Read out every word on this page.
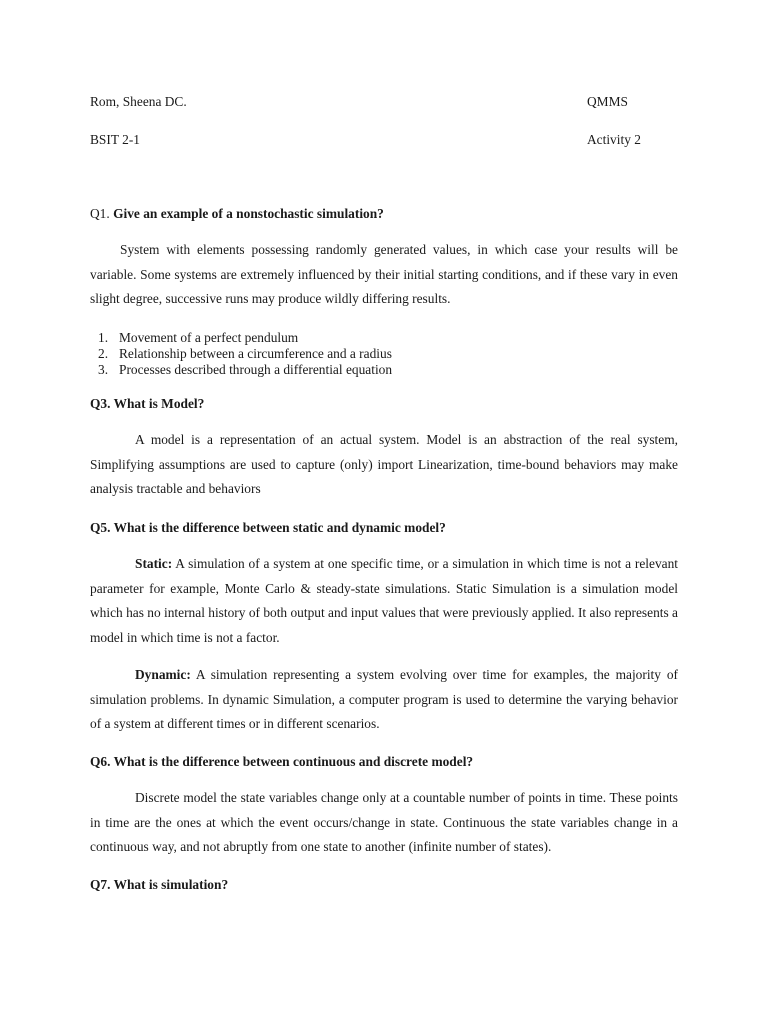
Rom, Sheena DC.	QMMS
BSIT 2-1	Activity 2
Q1. Give an example of a nonstochastic simulation?

System with elements possessing randomly generated values, in which case your results will be variable. Some systems are extremely influenced by their initial starting conditions, and if these vary in even slight degree, successive runs may produce wildly differing results.

1. Movement of a perfect pendulum
2. Relationship between a circumference and a radius
3. Processes described through a differential equation
Q3. What is Model?

A model is a representation of an actual system. Model is an abstraction of the real system, Simplifying assumptions are used to capture (only) import Linearization, time-bound behaviors may make analysis tractable and behaviors

Q5. What is the difference between static and dynamic model?

Static: A simulation of a system at one specific time, or a simulation in which time is not a relevant parameter for example, Monte Carlo & steady-state simulations. Static Simulation is a simulation model which has no internal history of both output and input values that were previously applied. It also represents a model in which time is not a factor.

Dynamic: A simulation representing a system evolving over time for examples, the majority of simulation problems. In dynamic Simulation, a computer program is used to determine the varying behavior of a system at different times or in different scenarios.

Q6. What is the difference between continuous and discrete model?

Discrete model the state variables change only at a countable number of points in time. These points in time are the ones at which the event occurs/change in state. Continuous the state variables change in a continuous way, and not abruptly from one state to another (infinite number of states).

Q7. What is simulation?
